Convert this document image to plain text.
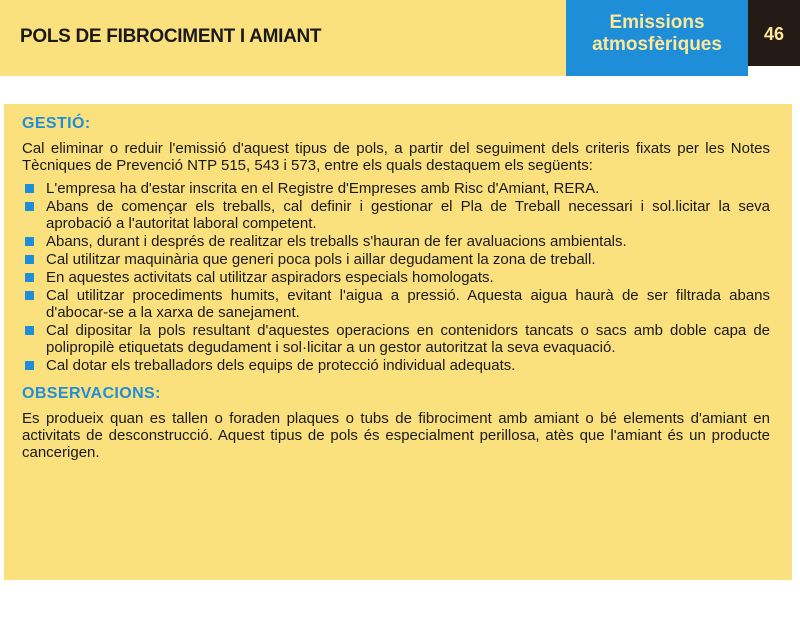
POLS DE FIBROCIMENT I AMIANT
Emissions
atmosfèriques	46
GESTIÓ:

Cal eliminar o reduir l'emissió d'aquest tipus de pols, a partir del seguiment dels criteris fixats per les Notes Tècniques de Prevenció NTP 515, 543 i 573, entre els quals destaquem els següents:

L'empresa ha d'estar inscrita en el Registre d'Empreses amb Risc d'Amiant, RERA.
Abans de començar els treballs, cal definir i gestionar el Pla de Treball necessari i sol.licitar la seva aprobació a l'autoritat laboral competent.
Abans, durant i després de realitzar els treballs s'hauran de fer avaluacions ambientals.
Cal utilitzar maquinària que generi poca pols i aillar degudament la zona de treball.
En aquestes activitats cal utilitzar aspiradors especials homologats.
Cal utilitzar procediments humits, evitant l'aigua a pressió. Aquesta aigua haurà de ser filtrada abans d'abocar-se a la xarxa de sanejament.
Cal dipositar la pols resultant d'aquestes operacions en contenidors tancats o sacs amb doble capa de polipropilè etiquetats degudament i sol·licitar a un gestor autoritzat la seva evaquació.
Cal dotar els treballadors dels equips de protecció individual adequats.
OBSERVACIONS:

Es produeix quan es tallen o foraden plaques o tubs de fibrociment amb amiant o bé elements d'amiant en activitats de desconstrucció. Aquest tipus de pols és especialment perillosa, atès que l'amiant és un producte cancerigen.
